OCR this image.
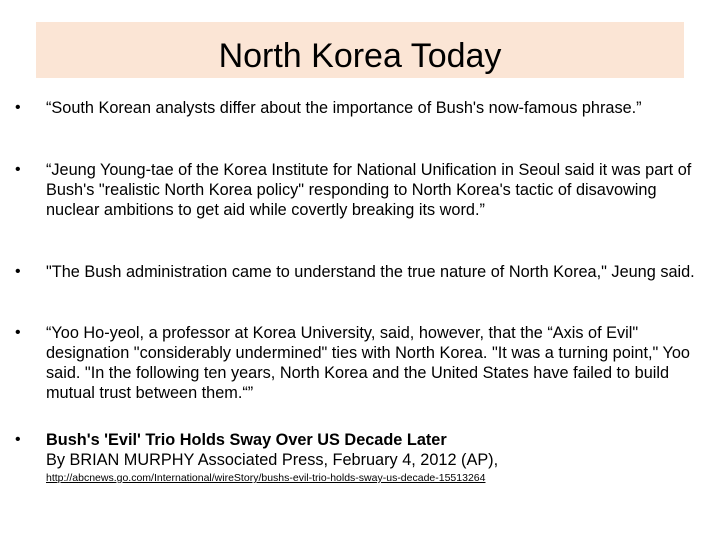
North Korea Today
•	“South Korean analysts differ about the importance of Bush's now-famous phrase.”
•	“Jeung Young-tae of the Korea Institute for National Unification in Seoul said it was part of Bush's "realistic North Korea policy" responding to North Korea's tactic of disavowing nuclear ambitions to get aid while covertly breaking its word.”
•	"The Bush administration came to understand the true nature of North Korea," Jeung said.
•	“Yoo Ho-yeol, a professor at Korea University, said, however, that the “Axis of Evil" designation "considerably undermined" ties with North Korea. "It was a turning point," Yoo said. "In the following ten years, North Korea and the United States have failed to build mutual trust between them.“”
•	Bush's 'Evil' Trio Holds Sway Over US Decade Later
By BRIAN MURPHY Associated Press, February 4, 2012 (AP),
http://abcnews.go.com/International/wireStory/bushs-evil-trio-holds-sway-us-decade-15513264
